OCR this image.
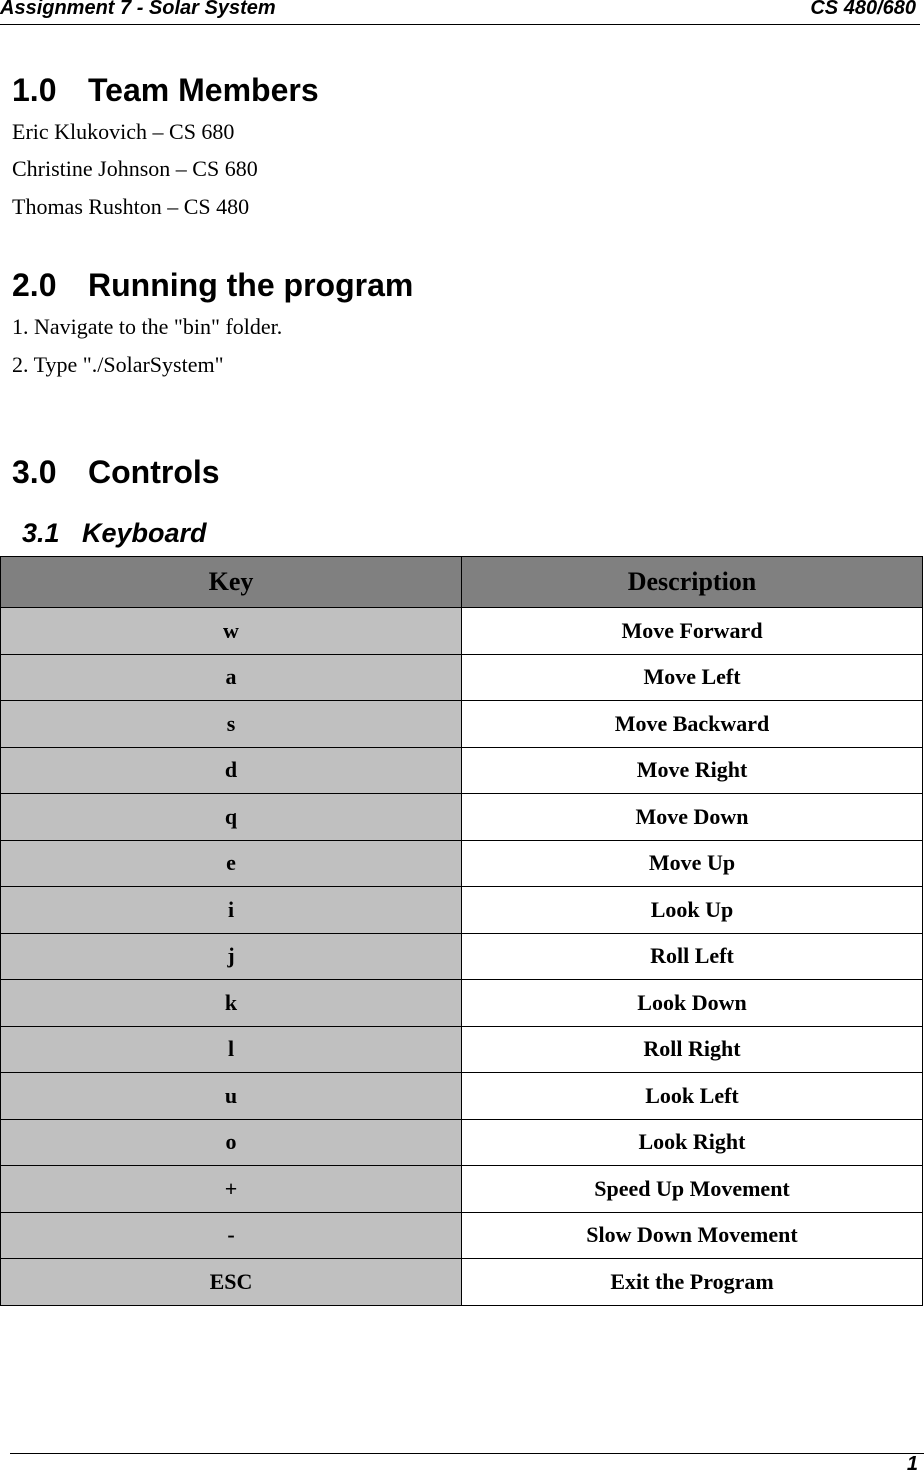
Assignment 7 - Solar System	CS 480/680
1.0 Team Members
Eric Klukovich – CS 680
Christine Johnson – CS 680
Thomas Rushton – CS 480
2.0 Running the program
1. Navigate to the "bin" folder.
2. Type "./SolarSystem"
3.0 Controls
3.1 Keyboard
Key	Description
w	Move Forward
a	Move Left
s	Move Backward
d	Move Right
q	Move Down
e	Move Up
i	Look Up
j	Roll Left
k	Look Down
l	Roll Right
u	Look Left
o	Look Right
+	Speed Up Movement
-	Slow Down Movement
ESC	Exit the Program
1
